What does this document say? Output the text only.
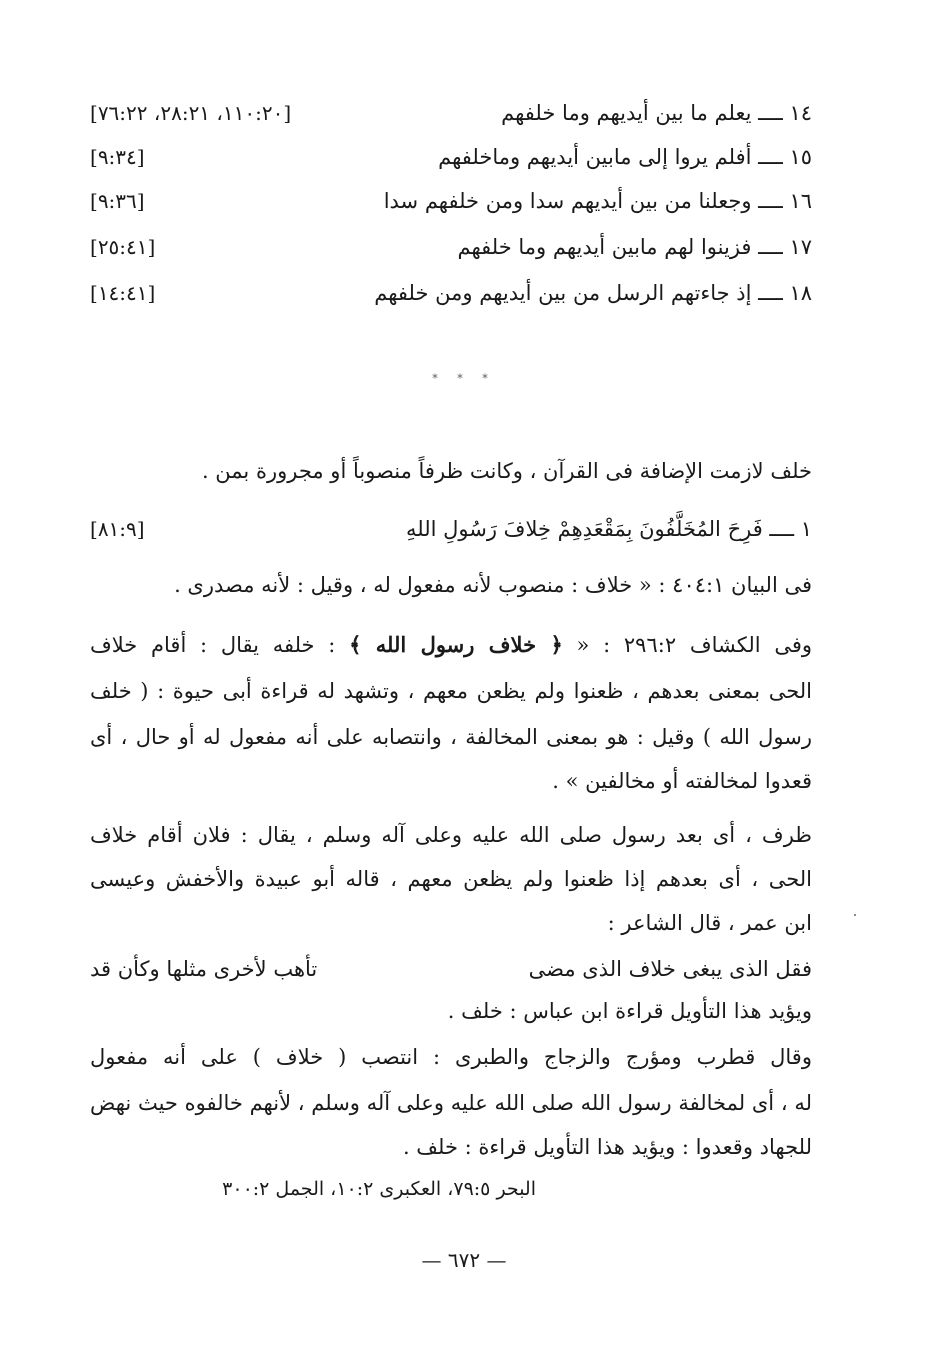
١٤ ــــ يعلم ما بين أيديهم وما خلفهم
[١١٠:٢٠، ٢٨:٢١، ٧٦:٢٢]
١٥ ــــ أفلم يروا إلى مابين أيديهم وماخلفهم
[٩:٣٤]
١٦ ــــ وجعلنا من بين أيديهم سدا ومن خلفهم سدا
[٩:٣٦]
١٧ ــــ فزينوا لهم مابين أيديهم وما خلفهم
[٢٥:٤١]
١٨ ــــ إذ جاءتهم الرسل من بين أيديهم ومن خلفهم
[١٤:٤١]
* * *
خلف لازمت الإضافة فى القرآن ، وكانت ظرفاً منصوباً أو مجرورة بمن .
١ ــــ فَرِحَ المُخَلَّفُونَ بِمَقْعَدِهِمْ خِلافَ رَسُولِ اللهِ
[٨١:٩]
فى البيان ٤٠٤:١ : « خلاف : منصوب لأنه مفعول له ، وقيل : لأنه مصدرى .
وفى الكشاف ٢٩٦:٢ : « ﴿ خلاف رسول الله ﴾ : خلفه يقال : أقام خلاف
الحى بمعنى بعدهم ، ظعنوا ولم يظعن معهم ، وتشهد له قراءة أبى حيوة : ( خلف
رسول الله ) وقيل : هو بمعنى المخالفة ، وانتصابه على أنه مفعول له أو حال ، أى
قعدوا لمخالفته أو مخالفين » .
ظرف ، أى بعد رسول صلى الله عليه وعلى آله وسلم ، يقال : فلان أقام خلاف
الحى ، أى بعدهم إذا ظعنوا ولم يظعن معهم ، قاله أبو عبيدة والأخفش وعيسى
ابن عمر ، قال الشاعر :
فقل الذى يبغى خلاف الذى مضى
تأهب لأخرى مثلها وكأن قد
ويؤيد هذا التأويل قراءة ابن عباس : خلف .
وقال قطرب ومؤرج والزجاج والطبرى : انتصب ( خلاف ) على أنه مفعول
له ، أى لمخالفة رسول الله صلى الله عليه وعلى آله وسلم ، لأنهم خالفوه حيث نهض
للجهاد وقعدوا : ويؤيد هذا التأويل قراءة : خلف .
البحر ٧٩:٥، العكبرى ١٠:٢، الجمل ٣٠٠:٢
— ٦٧٢ —
